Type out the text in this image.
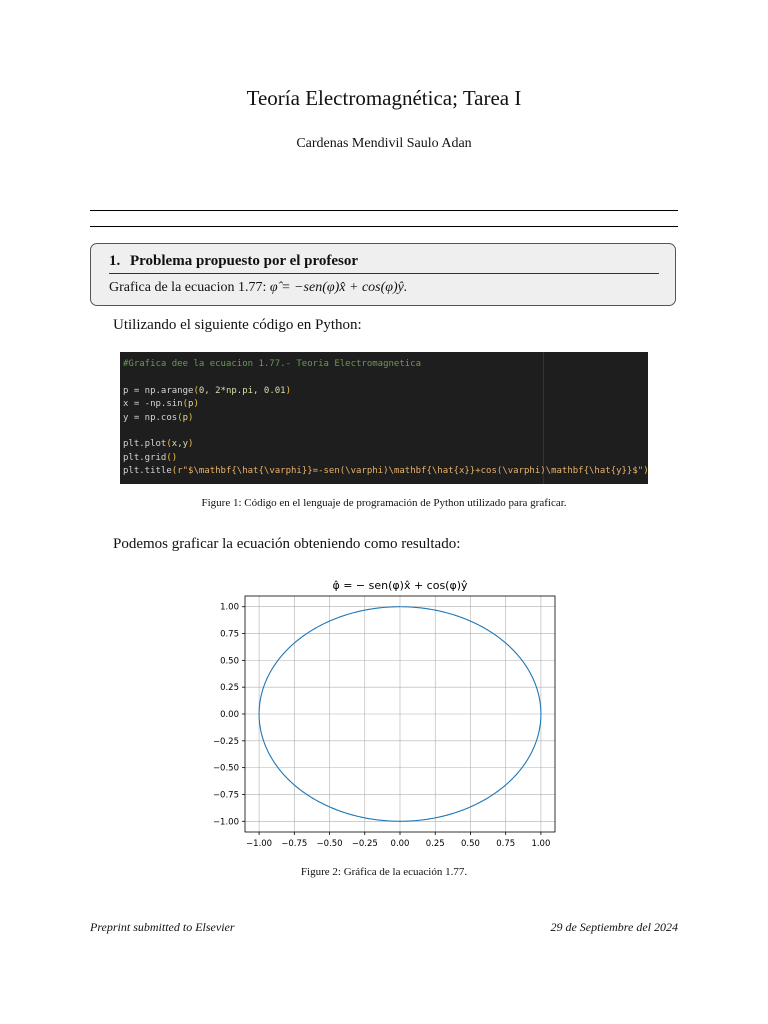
Teoría Electromagnética; Tarea I
Cardenas Mendivil Saulo Adan
1. Problema propuesto por el profesor
Grafica de la ecuacion 1.77: φ̂ = −sen(φ)x̂ + cos(φ)ŷ.
Utilizando el siguiente código en Python:
#Grafica dee la ecuacion 1.77.- Teoria Electromagnetica
p = np.arange(0, 2*np.pi, 0.01)
x = -np.sin(p)
y = np.cos(p)
plt.plot(x,y)
plt.grid()
plt.title(r"$\mathbf{\hat{\varphi}}=-sen(\varphi)\mathbf{\hat{x}}+cos(\varphi)\mathbf{\hat{y}}$")
Figure 1: Código en el lenguaje de programación de Python utilizado para graficar.
Podemos graficar la ecuación obteniendo como resultado:
φ̂ = − sen(φ)x̂ + cos(φ)ŷ
−1.00
1.00
−0.75
0.75
−0.50
0.50
−0.25
0.25
0.00
0.00
0.25
−0.25
0.50
−0.50
0.75
−0.75
1.00
−1.00
Figure 2: Gráfica de la ecuación 1.77.
Preprint submitted to Elsevier	29 de Septiembre del 2024
